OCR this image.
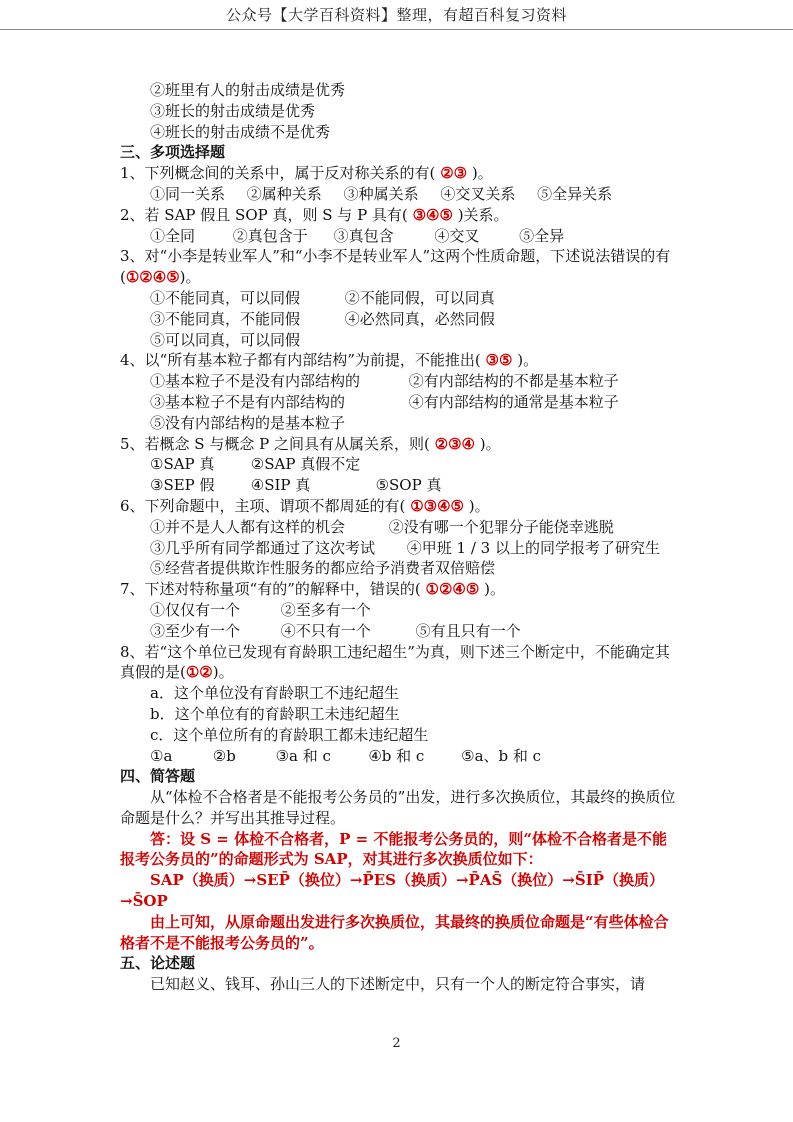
公众号【大学百科资料】整理，有超百科复习资料
②班里有人的射击成绩是优秀
③班长的射击成绩是优秀
④班长的射击成绩不是优秀
三、多项选择题
1、下列概念间的关系中，属于反对称关系的有( ②③ )。
①同一关系 ②属种关系 ③种属关系 ④交叉关系 ⑤全异关系
2、若 SAP 假且 SOP 真，则 S 与 P 具有( ③④⑤ )关系。
①全同	②真包含于 ③真包含	④交叉	⑤全异
3、对“小李是转业军人”和“小李不是转业军人”这两个性质命题，下述说法错误的有(①②④⑤)。
①不能同真，可以同假	②不能同假，可以同真
③不能同真，不能同假	④必然同真，必然同假
⑤可以同真，可以同假
4、以“所有基本粒子都有内部结构”为前提，不能推出( ③⑤ )。
①基本粒子不是没有内部结构的	②有内部结构的不都是基本粒子
③基本粒子不是有内部结构的	④有内部结构的通常是基本粒子
⑤没有内部结构的是基本粒子
5、若概念 S 与概念 P 之间具有从属关系，则( ②③④ )。
①SAP 真 ②SAP 真假不定
③SEP 假 ④SIP 真	⑤SOP 真
6、下列命题中，主项、谓项不都周延的有( ①③④⑤ )。
①并不是人人都有这样的机会	②没有哪一个犯罪分子能侥幸逃脱
③几乎所有同学都通过了这次考试 ④甲班 1 / 3 以上的同学报考了研究生
⑤经营者提供欺诈性服务的都应给予消费者双倍赔偿
7、下述对特称量项“有的”的解释中，错误的( ①②④⑤ )。
①仅仅有一个	②至多有一个
③至少有一个	④不只有一个	⑤有且只有一个
8、若“这个单位已发现有育龄职工违纪超生”为真，则下述三个断定中，不能确定其真假的是(①②)。
a．这个单位没有育龄职工不违纪超生
b．这个单位有的育龄职工未违纪超生
c．这个单位所有的育龄职工都未违纪超生
①a	②b	③a 和 c ④b 和 c ⑤a、b 和 c
四、简答题
从“体检不合格者是不能报考公务员的”出发，进行多次换质位，其最终的换质位命题是什么？并写出其推导过程。
答：设 S = 体检不合格者，P = 不能报考公务员的，则“体检不合格者是不能报考公务员的”的命题形式为 SAP，对其进行多次换质位如下：
SAP（换质）→SEP̄（换位）→P̄ES（换质）→P̄AS̄（换位）→S̄IP̄（换质）→S̄OP
由上可知，从原命题出发进行多次换质位，其最终的换质位命题是“有些体检合格者不是不能报考公务员的”。
五、论述题
已知赵义、钱耳、孙山三人的下述断定中，只有一个人的断定符合事实，请
2
